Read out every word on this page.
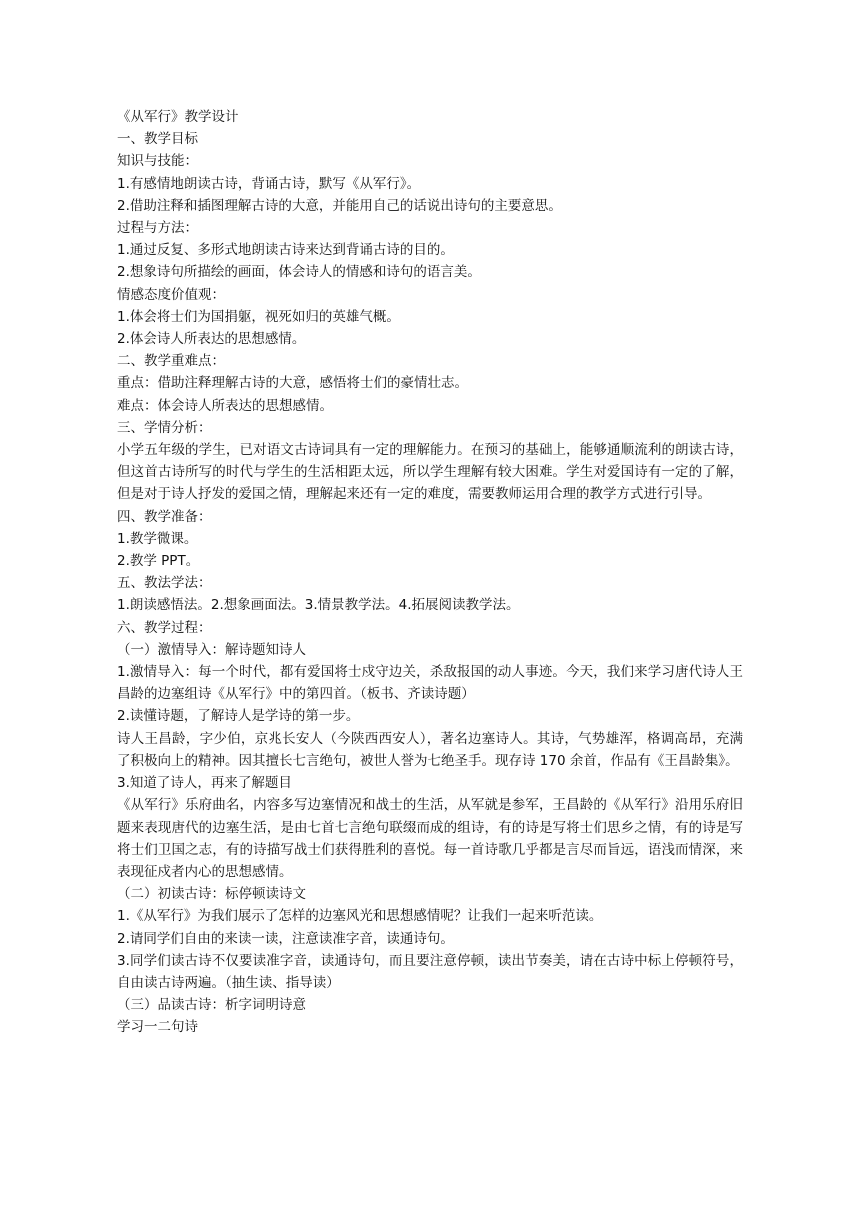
《从军行》教学设计
一、教学目标
知识与技能：
1.有感情地朗读古诗，背诵古诗，默写《从军行》。
2.借助注释和插图理解古诗的大意，并能用自己的话说出诗句的主要意思。
过程与方法：
1.通过反复、多形式地朗读古诗来达到背诵古诗的目的。
2.想象诗句所描绘的画面，体会诗人的情感和诗句的语言美。
情感态度价值观：
1.体会将士们为国捐躯，视死如归的英雄气概。
2.体会诗人所表达的思想感情。
二、教学重难点：
重点：借助注释理解古诗的大意，感悟将士们的豪情壮志。
难点：体会诗人所表达的思想感情。
三、学情分析：
小学五年级的学生，已对语文古诗词具有一定的理解能力。在预习的基础上，能够通顺流利的朗读古诗，但这首古诗所写的时代与学生的生活相距太远，所以学生理解有较大困难。学生对爱国诗有一定的了解，但是对于诗人抒发的爱国之情，理解起来还有一定的难度，需要教师运用合理的教学方式进行引导。
四、教学准备：
1.教学微课。
2.教学 PPT。
五、教法学法：
1.朗读感悟法。2.想象画面法。3.情景教学法。4.拓展阅读教学法。
六、教学过程：
（一）激情导入：解诗题知诗人
1.激情导入：每一个时代，都有爱国将士戍守边关，杀敌报国的动人事迹。今天，我们来学习唐代诗人王昌龄的边塞组诗《从军行》中的第四首。（板书、齐读诗题）
2.读懂诗题，了解诗人是学诗的第一步。
诗人王昌龄，字少伯，京兆长安人（今陕西西安人），著名边塞诗人。其诗，气势雄浑，格调高昂，充满了积极向上的精神。因其擅长七言绝句，被世人誉为七绝圣手。现存诗 170 余首，作品有《王昌龄集》。
3.知道了诗人，再来了解题目
《从军行》乐府曲名，内容多写边塞情况和战士的生活，从军就是参军，王昌龄的《从军行》沿用乐府旧题来表现唐代的边塞生活，是由七首七言绝句联缀而成的组诗，有的诗是写将士们思乡之情，有的诗是写将士们卫国之志，有的诗描写战士们获得胜利的喜悦。每一首诗歌几乎都是言尽而旨远，语浅而情深，来表现征戍者内心的思想感情。
（二）初读古诗：标停顿读诗文
1.《从军行》为我们展示了怎样的边塞风光和思想感情呢？让我们一起来听范读。
2.请同学们自由的来读一读，注意读准字音，读通诗句。
3.同学们读古诗不仅要读准字音，读通诗句，而且要注意停顿，读出节奏美，请在古诗中标上停顿符号，自由读古诗两遍。（抽生读、指导读）
（三）品读古诗：析字词明诗意
学习一二句诗
